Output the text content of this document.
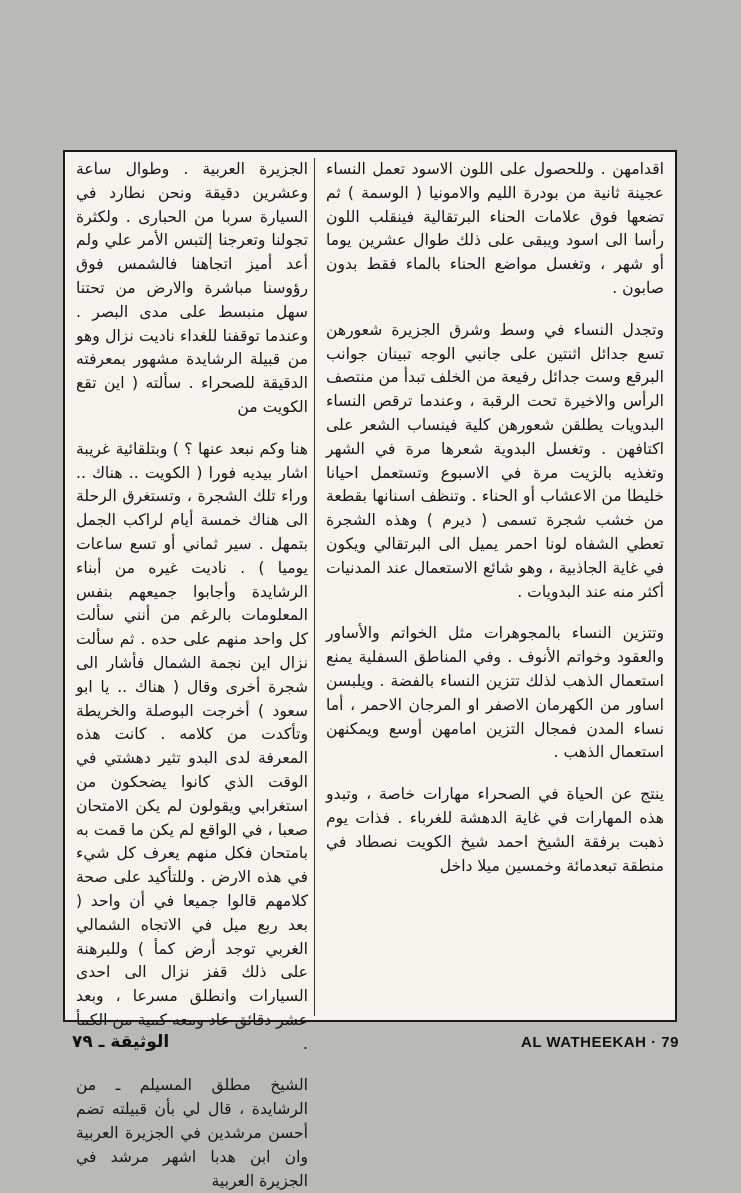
اقدامهن . وللحصول على اللون الاسود تعمل النساء عجينة ثانية من بودرة الليم والامونيا ( الوسمة ) ثم تضعها فوق علامات الحناء البرتقالية فينقلب اللون رأسا الى اسود ويبقى على ذلك طوال عشرين يوما أو شهر ، وتغسل مواضع الحناء بالماء فقط بدون صابون .

وتجدل النساء في وسط وشرق الجزيرة شعورهن تسع جدائل اثنتين على جانبي الوجه تبينان جوانب البرقع وست جدائل رفيعة من الخلف تبدأ من منتصف الرأس والاخيرة تحت الرقبة ، وعندما ترقص النساء البدويات يطلقن شعورهن كلية فينساب الشعر على اكتافهن . وتغسل البدوية شعرها مرة في الشهر وتغذيه بالزيت مرة في الاسبوع وتستعمل احيانا خليطا من الاعشاب أو الحناء . وتنظف اسنانها بقطعة من خشب شجرة تسمى ( ديرم ) وهذه الشجرة تعطي الشفاه لونا احمر يميل الى البرتقالي ويكون في غاية الجاذبية ، وهو شائع الاستعمال عند المدنيات أكثر منه عند البدويات .

وتتزين النساء بالمجوهرات مثل الخواتم والأساور والعقود وخواتم الأنوف . وفي المناطق السفلية يمنع استعمال الذهب لذلك تتزين النساء بالفضة . ويلبسن اساور من الكهرمان الاصفر او المرجان الاحمر ، أما نساء المدن فمجال التزين امامهن أوسع ويمكنهن استعمال الذهب .

ينتج عن الحياة في الصحراء مهارات خاصة ، وتبدو هذه المهارات في غاية الدهشة للغرباء . فذات يوم ذهبت برفقة الشيخ احمد شيخ الكويت نصطاد في منطقة تبعدمائة وخمسين ميلا داخل

الجزيرة العربية . وطوال ساعة وعشرين دقيقة ونحن نطارد في السيارة سربا من الحبارى . ولكثرة تجولنا وتعرجنا إلتبس الأمر علي ولم أعد أميز اتجاهنا فالشمس فوق رؤوسنا مباشرة والارض من تحتنا سهل منبسط على مدى البصر . وعندما توقفنا للغداء ناديت نزال وهو من قبيلة الرشايدة مشهور بمعرفته الدقيقة للصحراء . سألته ( اين تقع الكويت من

هنا وكم نبعد عنها ؟ ) وبتلقائية غريبة اشار بيديه فورا ( الكويت .. هناك .. وراء تلك الشجرة ، وتستغرق الرحلة الى هناك خمسة أيام لراكب الجمل بتمهل . سير ثماني أو تسع ساعات يوميا ) . ناديت غيره من أبناء الرشايدة وأجابوا جميعهم بنفس المعلومات بالرغم من أنني سألت كل واحد منهم على حده . ثم سألت نزال اين نجمة الشمال فأشار الى شجرة أخرى وقال ( هناك .. يا ابو سعود ) أخرجت البوصلة والخريطة وتأكدت من كلامه . كانت هذه المعرفة لدى البدو تثير دهشتي في الوقت الذي كانوا يضحكون من استغرابي ويقولون لم يكن الامتحان صعبا ، في الواقع لم يكن ما قمت به بامتحان فكل منهم يعرف كل شيء في هذه الارض . وللتأكيد على صحة كلامهم قالوا جميعا في أن واحد ( بعد ربع ميل في الاتجاه الشمالي الغربي توجد أرض كمأ ) وللبرهنة على ذلك قفز نزال الى احدى السيارات وانطلق مسرعا ، وبعد عشر دقائق عاد ومعه كمية من الكمأ .

الشيخ مطلق المسيلم ـ من الرشايدة ، قال لي بأن قبيلته تضم أحسن مرشدين في الجزيرة العربية وان ابن هدبا اشهر مرشد في الجزيرة العربية

الوثيقة ـ ٧٩	AL WATHEEKAH · 79
